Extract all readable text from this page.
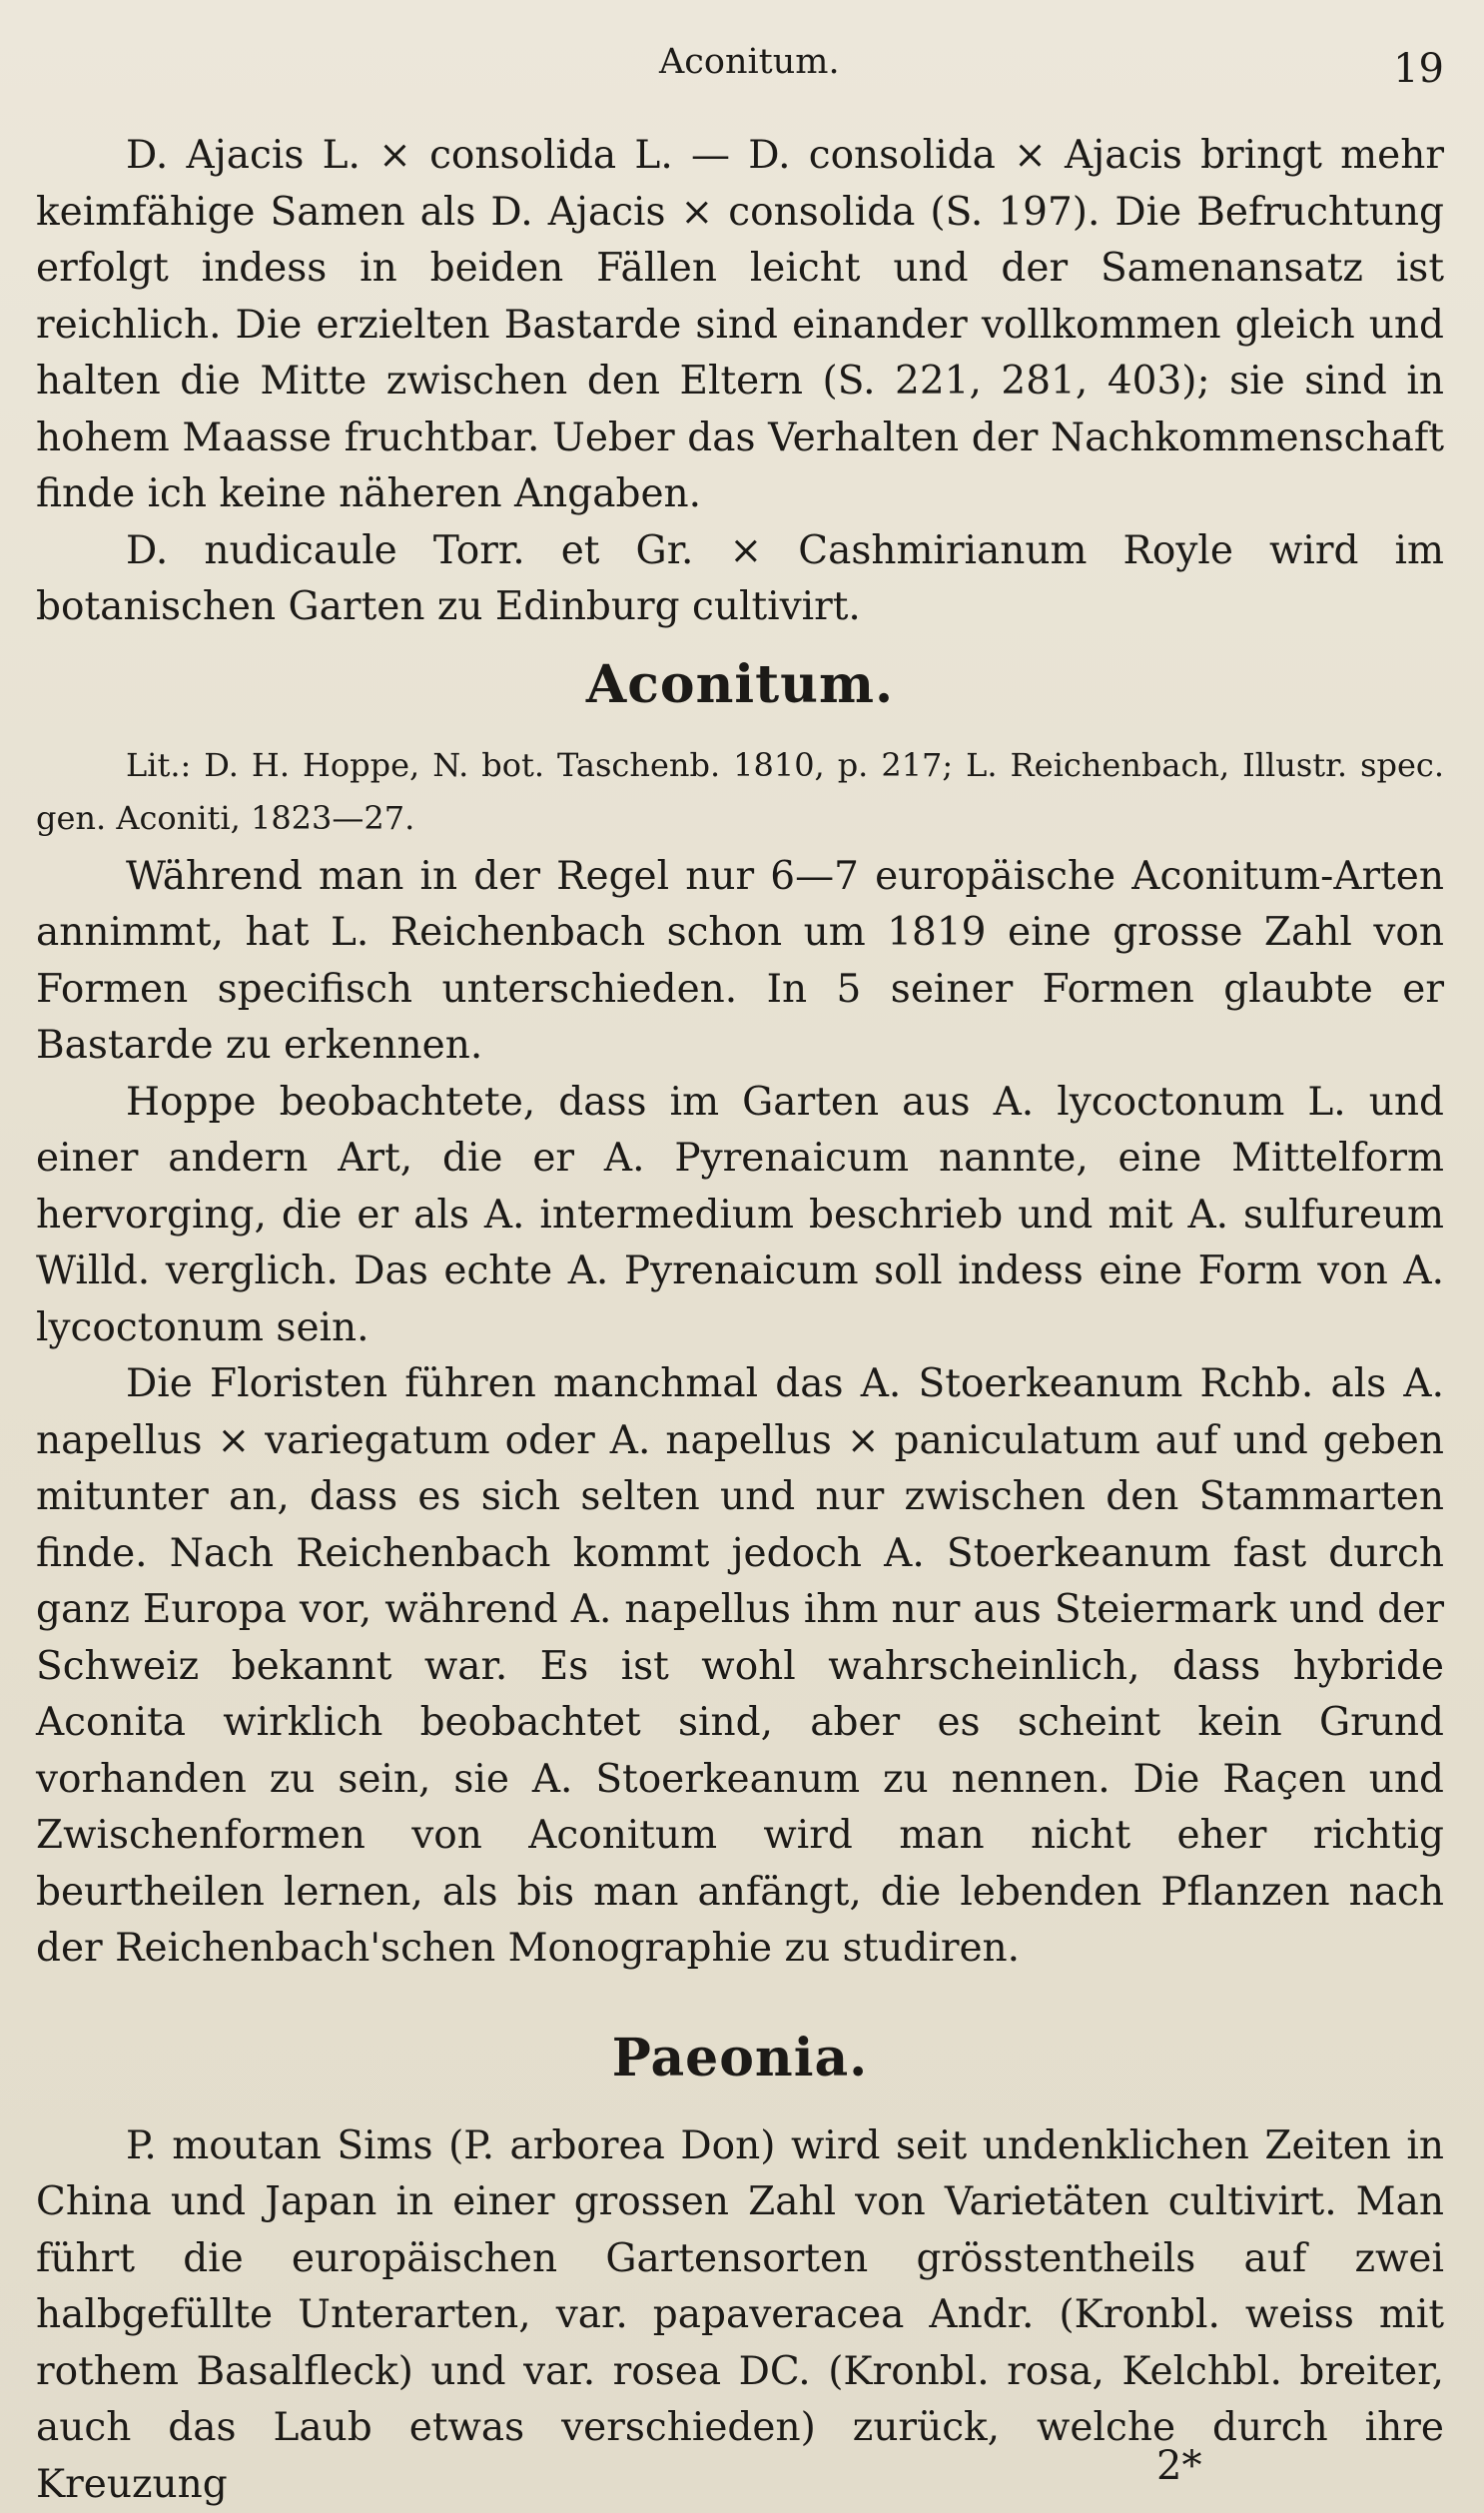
Aconitum.	19

D. Ajacis L. × consolida L. — D. consolida × Ajacis bringt mehr keimfähige Samen als D. Ajacis × consolida (S. 197). Die Befruchtung erfolgt indess in beiden Fällen leicht und der Samenansatz ist reichlich. Die erzielten Bastarde sind einander vollkommen gleich und halten die Mitte zwischen den Eltern (S. 221, 281, 403); sie sind in hohem Maasse fruchtbar. Ueber das Verhalten der Nachkommenschaft finde ich keine näheren Angaben.

D. nudicaule Torr. et Gr. × Cashmirianum Royle wird im botanischen Garten zu Edinburg cultivirt.

Aconitum.

Lit.: D. H. Hoppe, N. bot. Taschenb. 1810, p. 217; L. Reichenbach, Illustr. spec. gen. Aconiti, 1823—27.

Während man in der Regel nur 6—7 europäische Aconitum-Arten annimmt, hat L. Reichenbach schon um 1819 eine grosse Zahl von Formen specifisch unterschieden. In 5 seiner Formen glaubte er Bastarde zu erkennen.

Hoppe beobachtete, dass im Garten aus A. lycoctonum L. und einer andern Art, die er A. Pyrenaicum nannte, eine Mittelform hervorging, die er als A. intermedium beschrieb und mit A. sulfureum Willd. verglich. Das echte A. Pyrenaicum soll indess eine Form von A. lycoctonum sein.

Die Floristen führen manchmal das A. Stoerkeanum Rchb. als A. napellus × variegatum oder A. napellus × paniculatum auf und geben mitunter an, dass es sich selten und nur zwischen den Stammarten finde. Nach Reichenbach kommt jedoch A. Stoerkeanum fast durch ganz Europa vor, während A. napellus ihm nur aus Steiermark und der Schweiz bekannt war. Es ist wohl wahrscheinlich, dass hybride Aconita wirklich beobachtet sind, aber es scheint kein Grund vorhanden zu sein, sie A. Stoerkeanum zu nennen. Die Raçen und Zwischenformen von Aconitum wird man nicht eher richtig beurtheilen lernen, als bis man anfängt, die lebenden Pflanzen nach der Reichenbach'schen Monographie zu studiren.

Paeonia.

P. moutan Sims (P. arborea Don) wird seit undenklichen Zeiten in China und Japan in einer grossen Zahl von Varietäten cultivirt. Man führt die europäischen Gartensorten grösstentheils auf zwei halbgefüllte Unterarten, var. papaveracea Andr. (Kronbl. weiss mit rothem Basalfleck) und var. rosea DC. (Kronbl. rosa, Kelchbl. breiter, auch das Laub etwas verschieden) zurück, welche durch ihre Kreuzung	2*
